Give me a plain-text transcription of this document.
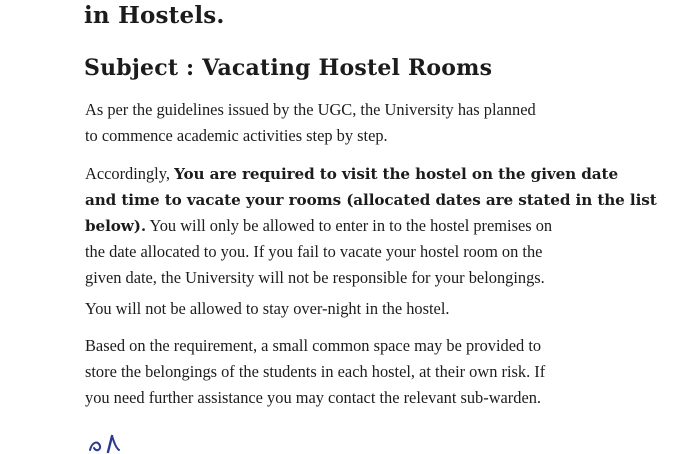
in Hostels.
Subject : Vacating Hostel Rooms
As per the guidelines issued by the UGC, the University has planned
to commence academic activities step by step.
Accordingly, You are required to visit the hostel on the given date
and time to vacate your rooms (allocated dates are stated in the list
below). You will only be allowed to enter in to the hostel premises on
the date allocated to you. If you fail to vacate your hostel room on the
given date, the University will not be responsible for your belongings.
You will not be allowed to stay over-night in the hostel.
Based on the requirement, a small common space may be provided to
store the belongings of the students in each hostel, at their own risk. If
you need further assistance you may contact the relevant sub-warden.
